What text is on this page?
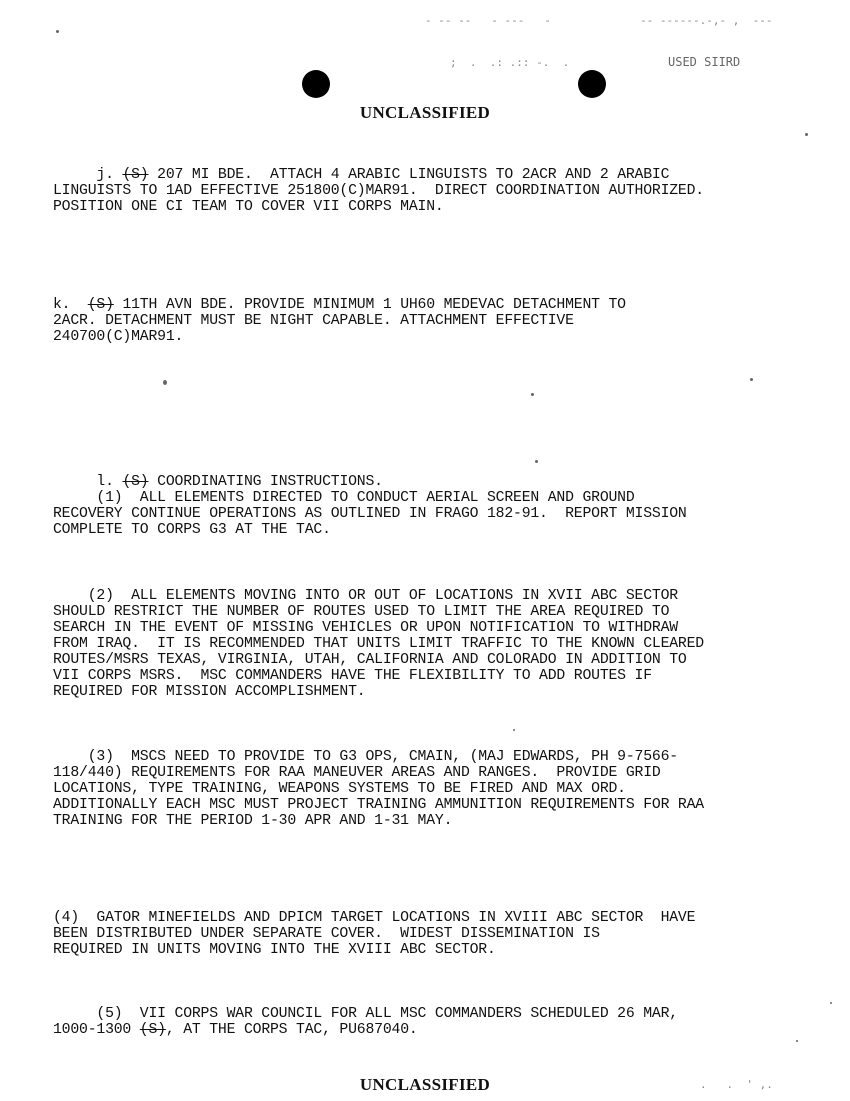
- -- --   - ---   -	-- ------.-,- ,  ---
;  .  .: .:: -.  .
.   .  ' ,.
USED SIIRD
UNCLASSIFIED
j. (S) 207 MI BDE.  ATTACH 4 ARABIC LINGUISTS TO 2ACR AND 2 ARABIC
LINGUISTS TO 1AD EFFECTIVE 251800(C)MAR91.  DIRECT COORDINATION AUTHORIZED.
POSITION ONE CI TEAM TO COVER VII CORPS MAIN.
k.  (S) 11TH AVN BDE. PROVIDE MINIMUM 1 UH60 MEDEVAC DETACHMENT TO
2ACR. DETACHMENT MUST BE NIGHT CAPABLE. ATTACHMENT EFFECTIVE
240700(C)MAR91.
l. (S) COORDINATING INSTRUCTIONS.
(1)  ALL ELEMENTS DIRECTED TO CONDUCT AERIAL SCREEN AND GROUND
RECOVERY CONTINUE OPERATIONS AS OUTLINED IN FRAGO 182-91.  REPORT MISSION
COMPLETE TO CORPS G3 AT THE TAC.
(2)  ALL ELEMENTS MOVING INTO OR OUT OF LOCATIONS IN XVII ABC SECTOR
SHOULD RESTRICT THE NUMBER OF ROUTES USED TO LIMIT THE AREA REQUIRED TO
SEARCH IN THE EVENT OF MISSING VEHICLES OR UPON NOTIFICATION TO WITHDRAW
FROM IRAQ.  IT IS RECOMMENDED THAT UNITS LIMIT TRAFFIC TO THE KNOWN CLEARED
ROUTES/MSRS TEXAS, VIRGINIA, UTAH, CALIFORNIA AND COLORADO IN ADDITION TO
VII CORPS MSRS.  MSC COMMANDERS HAVE THE FLEXIBILITY TO ADD ROUTES IF
REQUIRED FOR MISSION ACCOMPLISHMENT.
(3)  MSCS NEED TO PROVIDE TO G3 OPS, CMAIN, (MAJ EDWARDS, PH 9-7566-
118/440) REQUIREMENTS FOR RAA MANEUVER AREAS AND RANGES.  PROVIDE GRID
LOCATIONS, TYPE TRAINING, WEAPONS SYSTEMS TO BE FIRED AND MAX ORD.
ADDITIONALLY EACH MSC MUST PROJECT TRAINING AMMUNITION REQUIREMENTS FOR RAA
TRAINING FOR THE PERIOD 1-30 APR AND 1-31 MAY.
(4)  GATOR MINEFIELDS AND DPICM TARGET LOCATIONS IN XVIII ABC SECTOR  HAVE
BEEN DISTRIBUTED UNDER SEPARATE COVER.  WIDEST DISSEMINATION IS
REQUIRED IN UNITS MOVING INTO THE XVIII ABC SECTOR.
(5)  VII CORPS WAR COUNCIL FOR ALL MSC COMMANDERS SCHEDULED 26 MAR,
1000-1300 (S), AT THE CORPS TAC, PU687040.
UNCLASSIFIED
